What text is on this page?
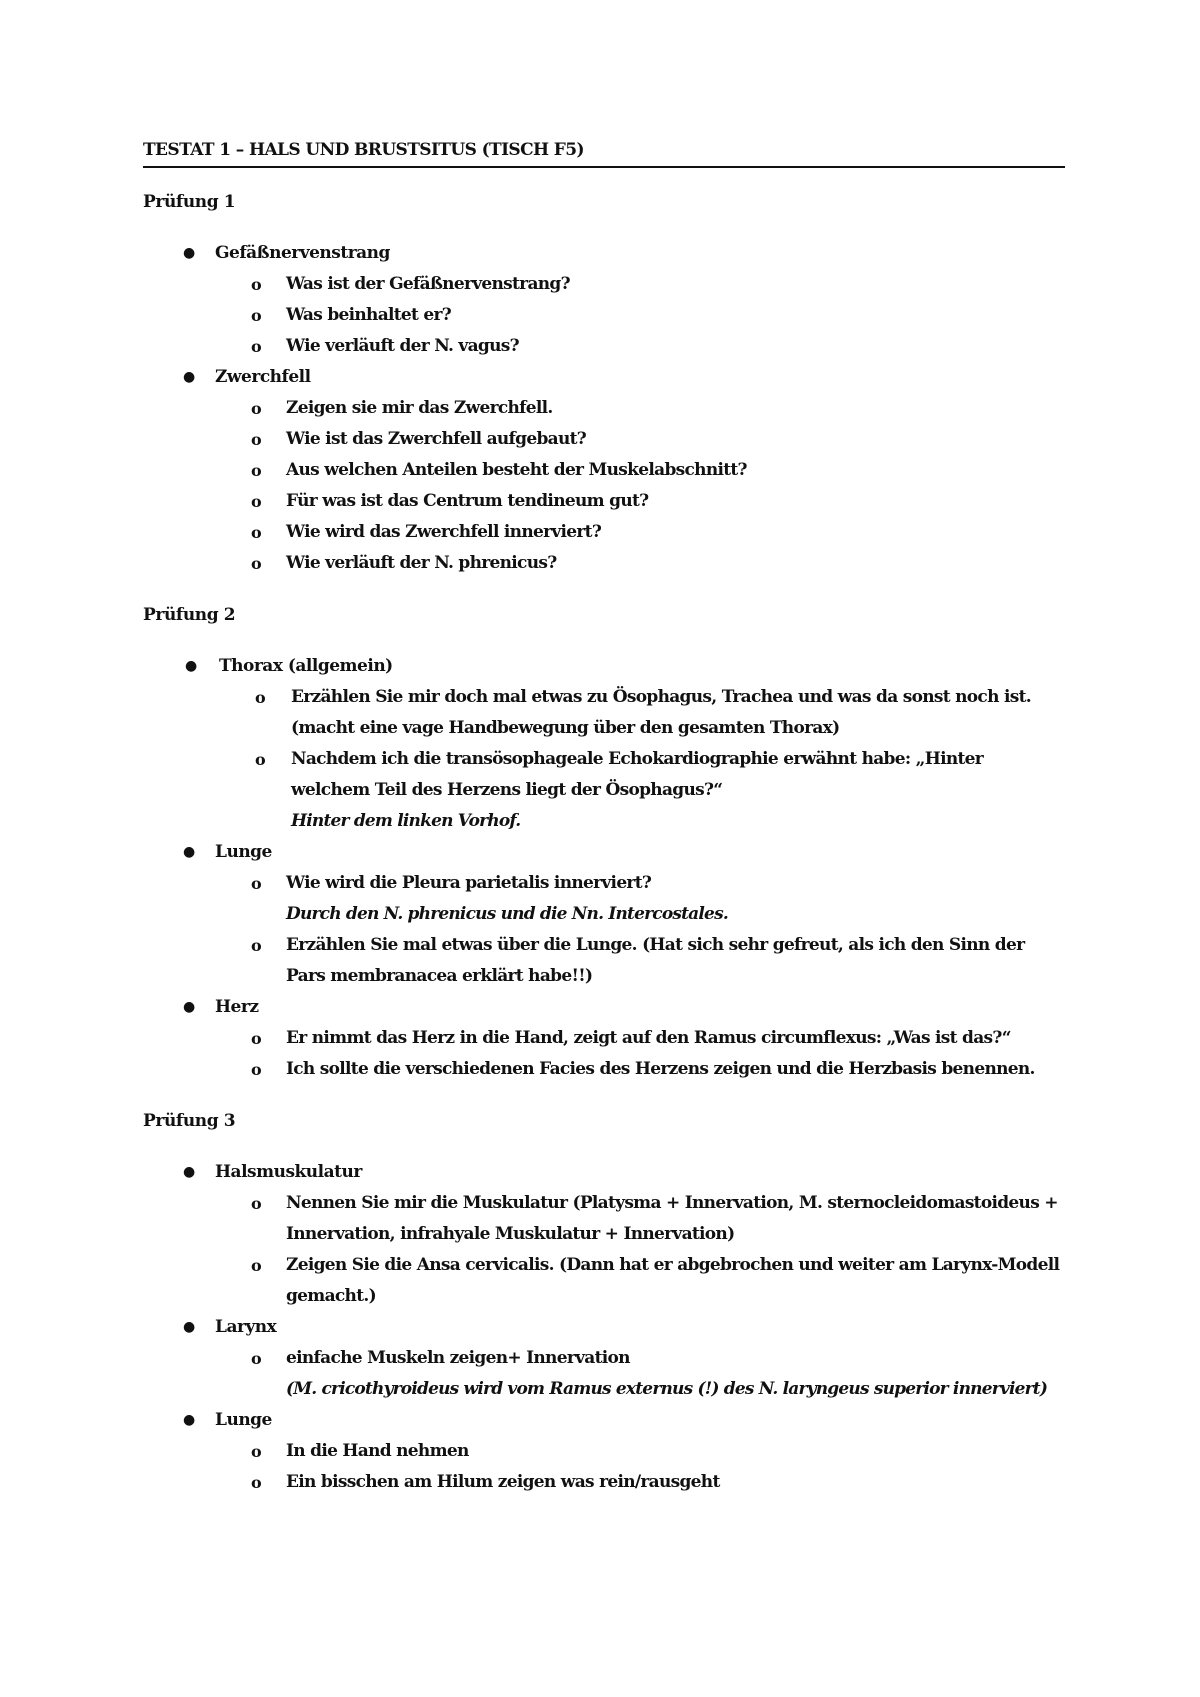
TESTAT 1 – HALS UND BRUSTSITUS (TISCH F5)
Prüfung 1
● Gefäßnervenstrang
o Was ist der Gefäßnervenstrang?
o Was beinhaltet er?
o Wie verläuft der N. vagus?
● Zwerchfell
o Zeigen sie mir das Zwerchfell.
o Wie ist das Zwerchfell aufgebaut?
o Aus welchen Anteilen besteht der Muskelabschnitt?
o Für was ist das Centrum tendineum gut?
o Wie wird das Zwerchfell innerviert?
o Wie verläuft der N. phrenicus?
Prüfung 2
● Thorax (allgemein)
o Erzählen Sie mir doch mal etwas zu Ösophagus, Trachea und was da sonst noch ist. (macht eine vage Handbewegung über den gesamten Thorax)
o Nachdem ich die transösophageale Echokardiographie erwähnt habe: „Hinter welchem Teil des Herzens liegt der Ösophagus?“
Hinter dem linken Vorhof.
● Lunge
o Wie wird die Pleura parietalis innerviert?
Durch den N. phrenicus und die Nn. Intercostales.
o Erzählen Sie mal etwas über die Lunge. (Hat sich sehr gefreut, als ich den Sinn der Pars membranacea erklärt habe!!)
● Herz
o Er nimmt das Herz in die Hand, zeigt auf den Ramus circumflexus: „Was ist das?“
o Ich sollte die verschiedenen Facies des Herzens zeigen und die Herzbasis benennen.
Prüfung 3
● Halsmuskulatur
o Nennen Sie mir die Muskulatur (Platysma + Innervation, M. sternocleidomastoideus + Innervation, infrahyale Muskulatur + Innervation)
o Zeigen Sie die Ansa cervicalis. (Dann hat er abgebrochen und weiter am Larynx-Modell gemacht.)
● Larynx
o einfache Muskeln zeigen+ Innervation
(M. cricothyroideus wird vom Ramus externus (!) des N. laryngeus superior innerviert)
● Lunge
o In die Hand nehmen
o Ein bisschen am Hilum zeigen was rein/rausgeht
